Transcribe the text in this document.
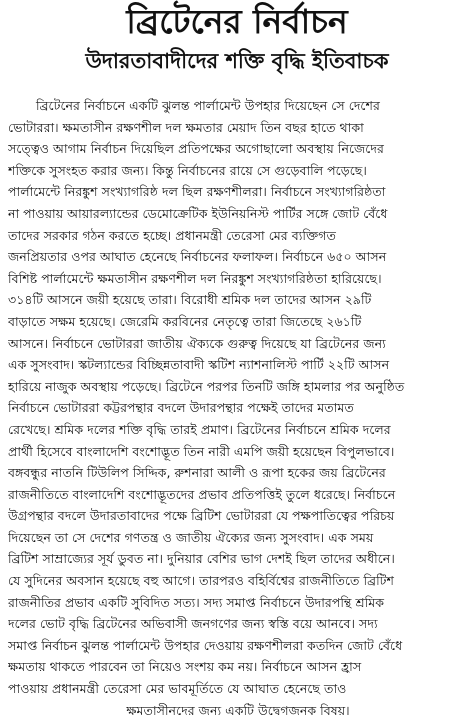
ব্রিটেনের নির্বাচন
উদারতাবাদীদের শক্তি বৃদ্ধি ইতিবাচক
ব্রিটেনের নির্বাচনে একটি ঝুলন্ত পার্লামেন্ট উপহার দিয়েছেন সে দেশের
ভোটাররা। ক্ষমতাসীন রক্ষণশীল দল ক্ষমতার মেয়াদ তিন বছর হাতে থাকা
সত্ত্বেও আগাম নির্বাচন দিয়েছিল প্রতিপক্ষের অগোছালো অবস্থায় নিজেদের
শক্তিকে সুসংহত করার জন্য। কিন্তু নির্বাচনের রায়ে সে গুড়েবালি পড়েছে।
পার্লামেন্টে নিরঙ্কুশ সংখ্যাগরিষ্ঠ দল ছিল রক্ষণশীলরা। নির্বাচনে সংখ্যাগরিষ্ঠতা
না পাওয়ায় আয়ারল্যান্ডের ডেমোক্রেটিক ইউনিয়নিস্ট পার্টির সঙ্গে জোট বেঁধে
তাদের সরকার গঠন করতে হচ্ছে। প্রধানমন্ত্রী তেরেসা মের ব্যক্তিগত
জনপ্রিয়তার ওপর আঘাত হেনেছে নির্বাচনের ফলাফল। নির্বাচনে ৬৫০ আসন
বিশিষ্ট পার্লামেন্টে ক্ষমতাসীন রক্ষণশীল দল নিরঙ্কুশ সংখ্যাগরিষ্ঠতা হারিয়েছে।
৩১৪টি আসনে জয়ী হয়েছে তারা। বিরোধী শ্রমিক দল তাদের আসন ২৯টি
বাড়াতে সক্ষম হয়েছে। জেরেমি করবিনের নেতৃত্বে তারা জিতেছে ২৬১টি
আসনে। নির্বাচনে ভোটাররা জাতীয় ঐক্যকে গুরুত্ব দিয়েছে যা ব্রিটেনের জন্য
এক সুসংবাদ। স্কটল্যান্ডের বিচ্ছিন্নতাবাদী স্কটিশ ন্যাশনালিস্ট পার্টি ২২টি আসন
হারিয়ে নাজুক অবস্থায় পড়েছে। ব্রিটেনে পরপর তিনটি জঙ্গি হামলার পর অনুষ্ঠিত
নির্বাচনে ভোটাররা কট্টরপন্থার বদলে উদারপন্থার পক্ষেই তাদের মতামত
রেখেছে। শ্রমিক দলের শক্তি বৃদ্ধি তারই প্রমাণ। ব্রিটেনের নির্বাচনে শ্রমিক দলের
প্রার্থী হিসেবে বাংলাদেশি বংশোদ্ভূত তিন নারী এমপি জয়ী হয়েছেন বিপুলভাবে।
বঙ্গবন্ধুর নাতনি টিউলিপ সিদ্দিক, রুশনারা আলী ও রূপা হকের জয় ব্রিটেনের
রাজনীতিতে বাংলাদেশি বংশোদ্ভূতদের প্রভাব প্রতিপত্তিই তুলে ধরেছে। নির্বাচনে
উগ্রপন্থার বদলে উদারতাবাদের পক্ষে ব্রিটিশ ভোটাররা যে পক্ষপাতিত্বের পরিচয়
দিয়েছেন তা সে দেশের গণতন্ত্র ও জাতীয় ঐক্যের জন্য সুসংবাদ। এক সময়
ব্রিটিশ সাম্রাজ্যের সূর্য ডুবত না। দুনিয়ার বেশির ভাগ দেশই ছিল তাদের অধীনে।
যে সুদিনের অবসান হয়েছে বহু আগে। তারপরও বহির্বিশ্বের রাজনীতিতে ব্রিটিশ
রাজনীতির প্রভাব একটি সুবিদিত সত্য। সদ্য সমাপ্ত নির্বাচনে উদারপন্থি শ্রমিক
দলের ভোট বৃদ্ধি ব্রিটেনের অভিবাসী জনগণের জন্য স্বস্তি বয়ে আনবে। সদ্য
সমাপ্ত নির্বাচন ঝুলন্ত পার্লামেন্ট উপহার দেওয়ায় রক্ষণশীলরা কতদিন জোট বেঁধে
ক্ষমতায় থাকতে পারবেন তা নিয়েও সংশয় কম নয়। নির্বাচনে আসন হ্রাস
পাওয়ায় প্রধানমন্ত্রী তেরেসা মের ভাবমূর্তিতে যে আঘাত হেনেছে তাও
ক্ষমতাসীনদের জন্য একটি উদ্বেগজনক বিষয়।
